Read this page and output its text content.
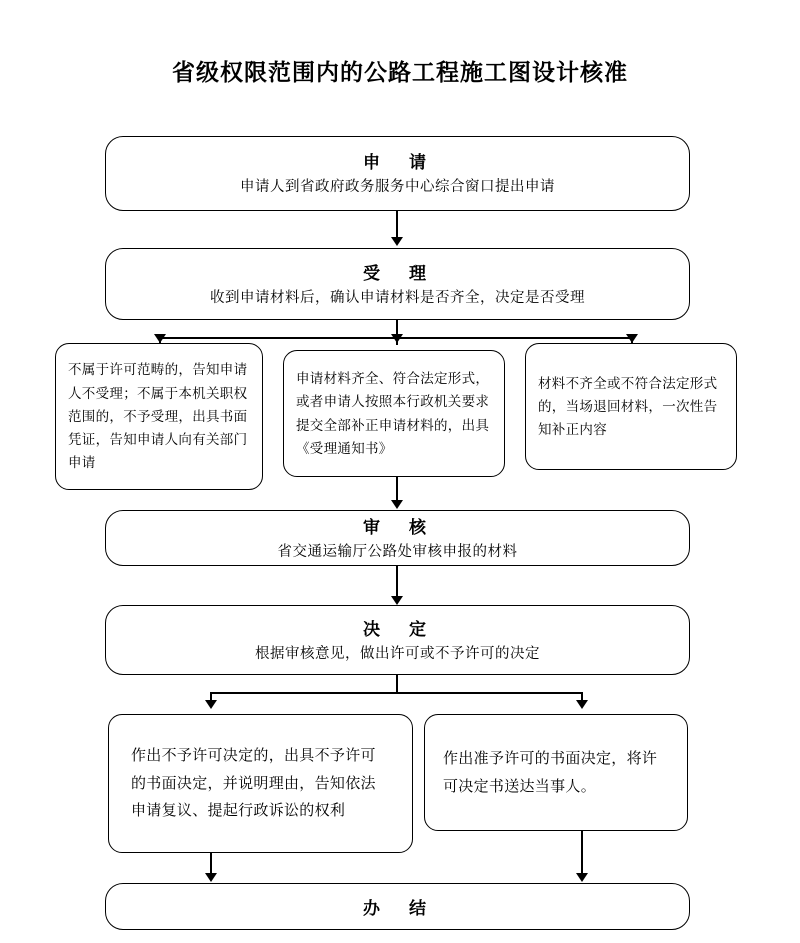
省级权限范围内的公路工程施工图设计核准
申　请
申请人到省政府政务服务中心综合窗口提出申请
受　理
收到申请材料后，确认申请材料是否齐全，决定是否受理
不属于许可范畴的，告知申请人不受理；不属于本机关职权范围的，不予受理，出具书面凭证，告知申请人向有关部门申请
申请材料齐全、符合法定形式，或者申请人按照本行政机关要求提交全部补正申请材料的，出具《受理通知书》
材料不齐全或不符合法定形式的，当场退回材料，一次性告知补正内容
审　核
省交通运输厅公路处审核申报的材料
决　定
根据审核意见，做出许可或不予许可的决定
作出不予许可决定的，出具不予许可的书面决定，并说明理由，告知依法申请复议、提起行政诉讼的权利
作出准予许可的书面决定，将许可决定书送达当事人。
办　结
